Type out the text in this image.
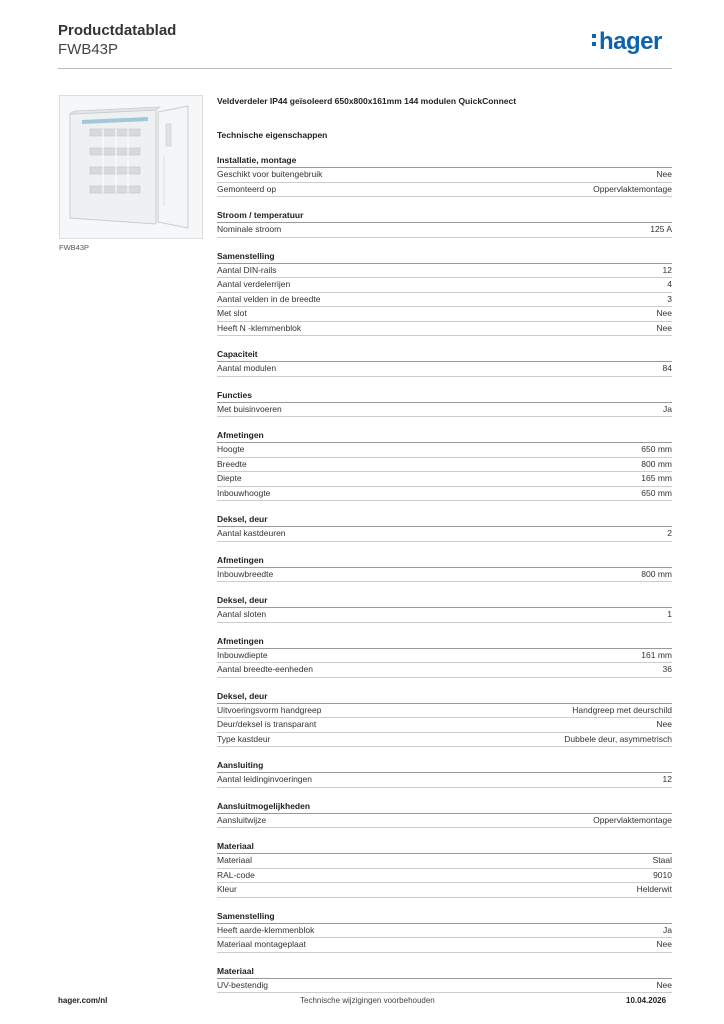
Productdatablad
FWB43P	hager
FWB43P
Veldverdeler IP44 geïsoleerd 650x800x161mm 144 modulen QuickConnect
Technische eigenschappen
Installatie, montage
Geschikt voor buitengebruik	Nee
Gemonteerd op	Oppervlaktemontage
Stroom / temperatuur
Nominale stroom	125 A
Samenstelling
Aantal DIN-rails	12
Aantal verdelerrijen	4
Aantal velden in de breedte	3
Met slot	Nee
Heeft N -klemmenblok	Nee
Capaciteit
Aantal modulen	84
Functies
Met buisinvoeren	Ja
Afmetingen
Hoogte	650 mm
Breedte	800 mm
Diepte	165 mm
Inbouwhoogte	650 mm
Deksel, deur
Aantal kastdeuren	2
Afmetingen
Inbouwbreedte	800 mm
Deksel, deur
Aantal sloten	1
Afmetingen
Inbouwdiepte	161 mm
Aantal breedte-eenheden	36
Deksel, deur
Uitvoeringsvorm handgreep	Handgreep met deurschild
Deur/deksel is transparant	Nee
Type kastdeur	Dubbele deur, asymmetrisch
Aansluiting
Aantal leidinginvoeringen	12
Aansluitmogelijkheden
Aansluitwijze	Oppervlaktemontage
Materiaal
Materiaal	Staal
RAL-code	9010
Kleur	Helderwit
Samenstelling
Heeft aarde-klemmenblok	Ja
Materiaal montageplaat	Nee
Materiaal
UV-bestendig	Nee
hager.com/nl	Technische wijzigingen voorbehouden	10.04.2026
